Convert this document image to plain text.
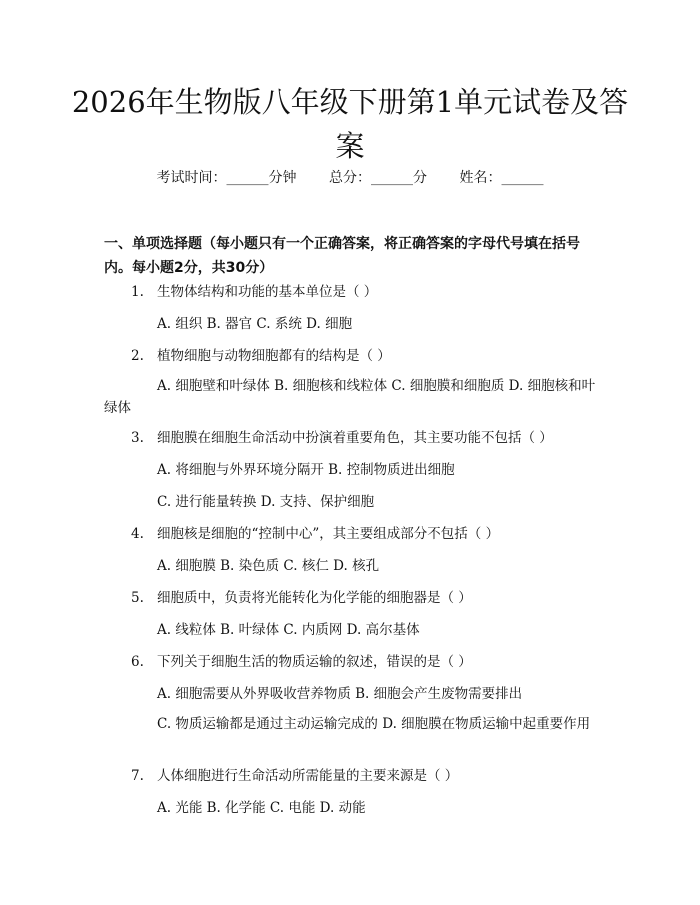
2026年生物版八年级下册第1单元试卷及答案
考试时间：______分钟 总分：______分 姓名：______
一、单项选择题（每小题只有一个正确答案，将正确答案的字母代号填在括号内。每小题2分，共30分）
1. 生物体结构和功能的基本单位是（ ）
A. 组织 B. 器官 C. 系统 D. 细胞
2. 植物细胞与动物细胞都有的结构是（ ）
A. 细胞壁和叶绿体 B. 细胞核和线粒体 C. 细胞膜和细胞质 D. 细胞核和叶绿体
3. 细胞膜在细胞生命活动中扮演着重要角色，其主要功能不包括（ ）
A. 将细胞与外界环境分隔开 B. 控制物质进出细胞
C. 进行能量转换 D. 支持、保护细胞
4. 细胞核是细胞的“控制中心”，其主要组成部分不包括（ ）
A. 细胞膜 B. 染色质 C. 核仁 D. 核孔
5. 细胞质中，负责将光能转化为化学能的细胞器是（ ）
A. 线粒体 B. 叶绿体 C. 内质网 D. 高尔基体
6. 下列关于细胞生活的物质运输的叙述，错误的是（ ）
A. 细胞需要从外界吸收营养物质 B. 细胞会产生废物需要排出
C. 物质运输都是通过主动运输完成的 D. 细胞膜在物质运输中起重要作用
7. 人体细胞进行生命活动所需能量的主要来源是（ ）
A. 光能 B. 化学能 C. 电能 D. 动能
